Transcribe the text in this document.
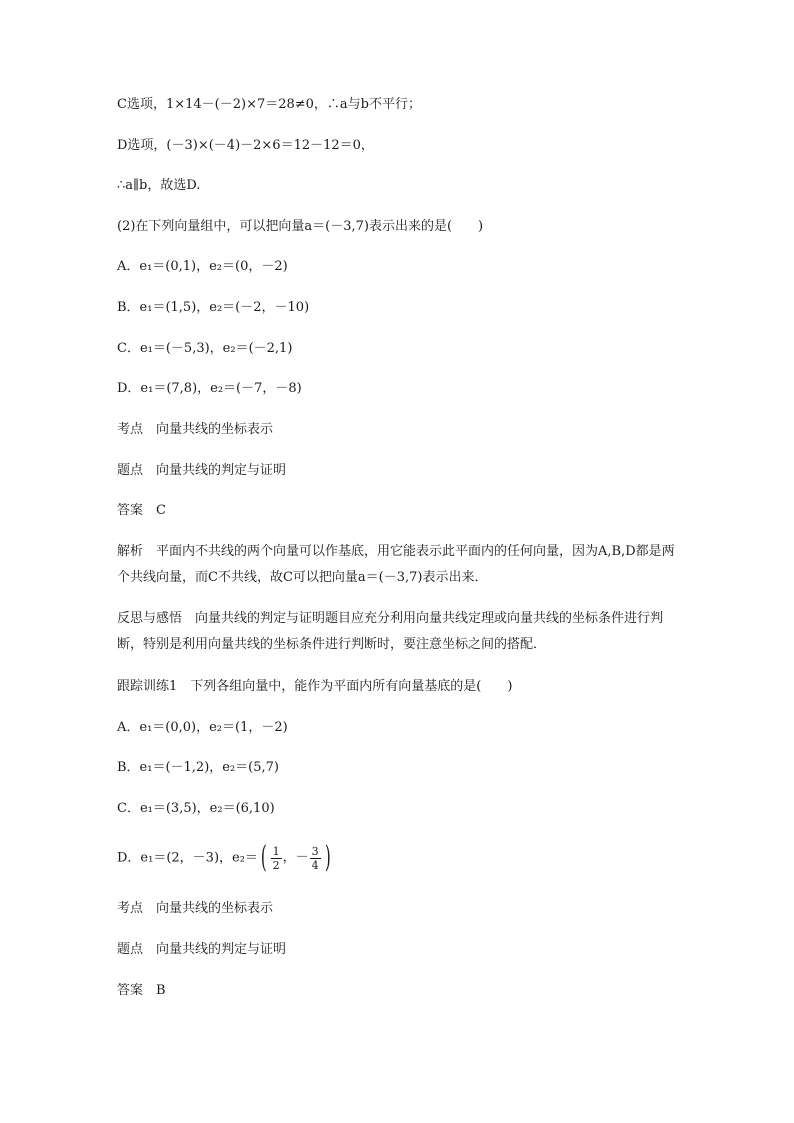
C选项，1×14－(－2)×7＝28≠0，∴a与b不平行；
D选项，(－3)×(－4)－2×6＝12－12＝0，
∴a∥b，故选D.
(2)在下列向量组中，可以把向量a＝(－3,7)表示出来的是(　　)
A．e₁＝(0,1)，e₂＝(0，－2)
B．e₁＝(1,5)，e₂＝(－2，－10)
C．e₁＝(－5,3)，e₂＝(－2,1)
D．e₁＝(7,8)，e₂＝(－7，－8)
考点　向量共线的坐标表示
题点　向量共线的判定与证明
答案　C
解析　平面内不共线的两个向量可以作基底，用它能表示此平面内的任何向量，因为A,B,D都是两个共线向量，而C不共线，故C可以把向量a＝(－3,7)表示出来．
反思与感悟　向量共线的判定与证明题目应充分利用向量共线定理或向量共线的坐标条件进行判断，特别是利用向量共线的坐标条件进行判断时，要注意坐标之间的搭配．
跟踪训练1　下列各组向量中，能作为平面内所有向量基底的是(　　)
A．e₁＝(0,0)，e₂＝(1，－2)
B．e₁＝(－1,2)，e₂＝(5,7)
C．e₁＝(3,5)，e₂＝(6,10)
D．e₁＝(2，－3)，e₂＝ ( $\frac{1}{2}$ ，－ $\frac{3}{4}$ )
考点　向量共线的坐标表示
题点　向量共线的判定与证明
答案　B
